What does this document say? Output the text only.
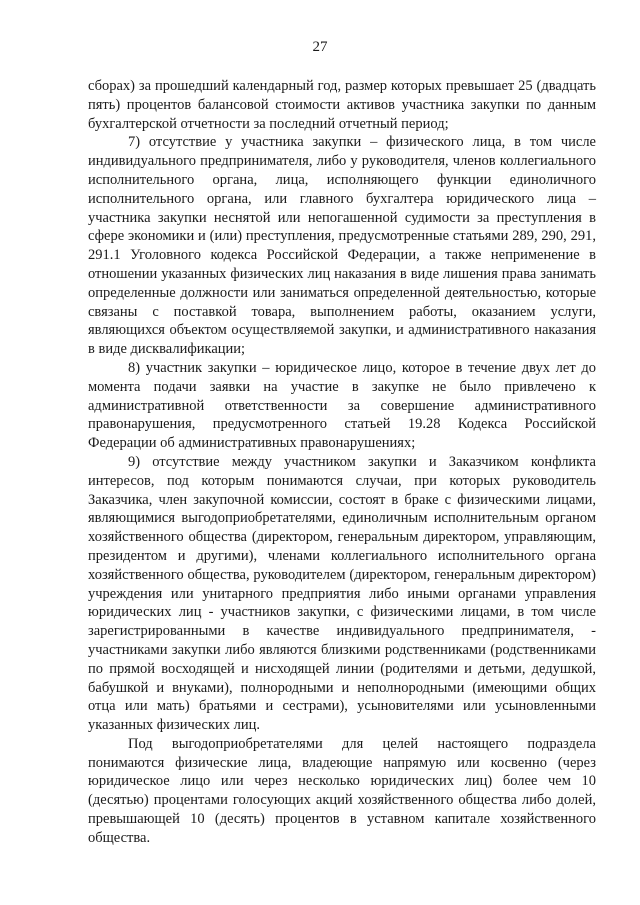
27

сборах) за прошедший календарный год, размер которых превышает 25 (двадцать пять) процентов балансовой стоимости активов участника закупки по данным бухгалтерской отчетности за последний отчетный период;

7) отсутствие у участника закупки – физического лица, в том числе индивидуального предпринимателя, либо у руководителя, членов коллегиального исполнительного органа, лица, исполняющего функции единоличного исполнительного органа, или главного бухгалтера юридического лица – участника закупки неснятой или непогашенной судимости за преступления в сфере экономики и (или) преступления, предусмотренные статьями 289, 290, 291, 291.1 Уголовного кодекса Российской Федерации, а также неприменение в отношении указанных физических лиц наказания в виде лишения права занимать определенные должности или заниматься определенной деятельностью, которые связаны с поставкой товара, выполнением работы, оказанием услуги, являющихся объектом осуществляемой закупки, и административного наказания в виде дисквалификации;

8) участник закупки – юридическое лицо, которое в течение двух лет до момента подачи заявки на участие в закупке не было привлечено к административной ответственности за совершение административного правонарушения, предусмотренного статьей 19.28 Кодекса Российской Федерации об административных правонарушениях;

9) отсутствие между участником закупки и Заказчиком конфликта интересов, под которым понимаются случаи, при которых руководитель Заказчика, член закупочной комиссии, состоят в браке с физическими лицами, являющимися выгодоприобретателями, единоличным исполнительным органом хозяйственного общества (директором, генеральным директором, управляющим, президентом и другими), членами коллегиального исполнительного органа хозяйственного общества, руководителем (директором, генеральным директором) учреждения или унитарного предприятия либо иными органами управления юридических лиц - участников закупки, с физическими лицами, в том числе зарегистрированными в качестве индивидуального предпринимателя, - участниками закупки либо являются близкими родственниками (родственниками по прямой восходящей и нисходящей линии (родителями и детьми, дедушкой, бабушкой и внуками), полнородными и неполнородными (имеющими общих отца или мать) братьями и сестрами), усыновителями или усыновленными указанных физических лиц.

Под выгодоприобретателями для целей настоящего подраздела понимаются физические лица, владеющие напрямую или косвенно (через юридическое лицо или через несколько юридических лиц) более чем 10 (десятью) процентами голосующих акций хозяйственного общества либо долей, превышающей 10 (десять) процентов в уставном капитале хозяйственного общества.
